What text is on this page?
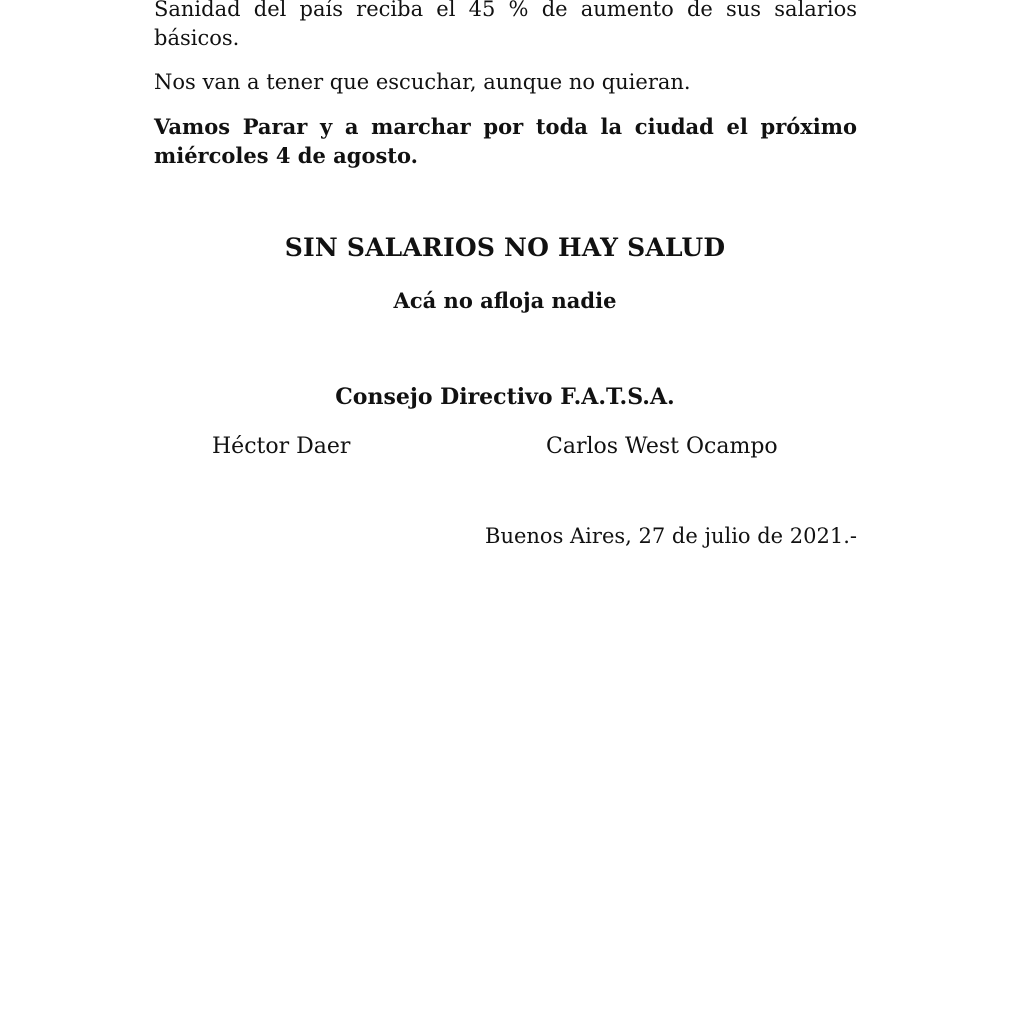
Sanidad del país reciba el 45 % de aumento de sus salarios
básicos.

Nos van a tener que escuchar, aunque no quieran.

Vamos Parar y a marchar por toda la ciudad el próximo
miércoles 4 de agosto.

SIN SALARIOS NO HAY SALUD
Acá no afloja nadie

Consejo Directivo F.A.T.S.A.

Héctor Daer	Carlos West Ocampo

Buenos Aires, 27 de julio de 2021.-
